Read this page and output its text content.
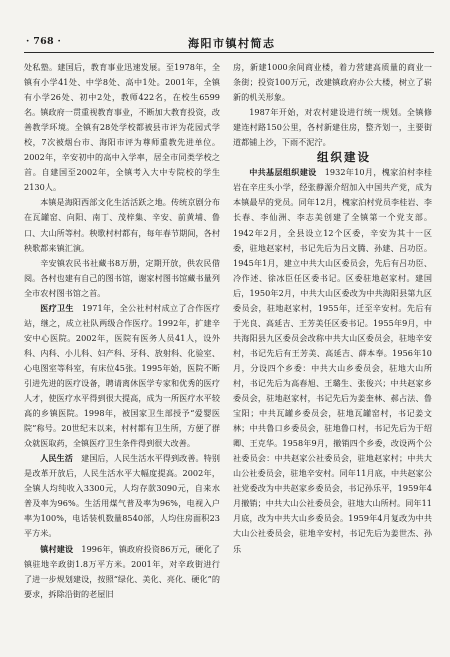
· 768 ·	海阳市镇村简志

处私塾。建国后，教育事业迅速发展。至1978年，全镇有小学41处、中学8处、高中1处。2001年，全镇有小学26处、初中2处，教师422名，在校生6599名。镇政府一贯重视教育事业，不断加大教育投资，改善教学环境。全镇有28处学校都被县市评为花园式学校，7次被烟台市、海阳市评为尊师重教先进单位。2002年，辛安初中的高中入学率，居全市同类学校之首。自建国至2002年，全镇考入大中专院校的学生2130人。

本镇是海阳西部文化生活活跃之地。传统京剧分布在瓦罐窑、向阳、南丁、茂梓集、辛安、前黄埔、鲁口、大山所等村。秧歌村村都有，每年春节期间，各村秧歌都来镇汇演。

辛安镇农民书社藏书8万册，定期开放，供农民借阅。各村也建有自己的图书馆，谢家村图书馆藏书量列全市农村图书馆之首。

医疗卫生  1971年，全公社村村成立了合作医疗站，继之，成立社队两级合作医疗。1992年，扩建辛安中心医院。2002年，医院有医务人员41人，设外科、内科、小儿科、妇产科、牙科、放射科、化验室、心电图室等科室，有床位45张。1995年始，医院不断引进先进的医疗设备，聘请离休医学专家和优秀的医疗人才，使医疗水平得到很大提高，成为一所医疗水平较高的乡镇医院。1998年，被国家卫生部授予“爱婴医院”称号。20世纪末以来，村村都有卫生所，方便了群众就医取药，全镇医疗卫生条件得到很大改善。

人民生活  建国后，人民生活水平得到改善。特别是改革开放后，人民生活水平大幅度提高。2002年，全镇人均纯收入3300元，人均存款3090元，自来水普及率为96%。生活用煤气普及率为96%，电视入户率为100%，电话装机数量8540部，人均住房面积23平方米。

镇村建设  1996年，镇政府投资86万元，硬化了镇驻地辛政街1.8万平方米。2001年，对辛政街进行了进一步规划建设，按照“绿化、美化、亮化、硬化”的要求，拆除沿街的老屋旧

房，新建1000余间商业楼，着力营建高质量的商业一条街；投资100万元，改建镇政府办公大楼，树立了崭新的机关形象。

1987年开始，对农村建设进行统一规划。全镇修建连村路150公里，各村新建住房，整齐划一，主要街道都铺上沙，下雨不泥泞。

组织建设

中共基层组织建设  1932年10月，槐家泊村李桂岩在辛庄头小学，经张静源介绍加入中国共产党，成为本镇最早的党员。同年12月，槐家泊村党员李桂岩、李长春、李仙洲、李志美创建了全镇第一个党支部。1942年2月，全县设立12个区委，辛安为其十一区委，驻地赵家村，书记先后为吕文腾、孙建、吕功臣。1945年1月，建立中共大山区委员会，先后有吕功臣、冷作述、徐冰臣任区委书记。区委驻地赵家村。建国后，1950年2月，中共大山区委改为中共海阳县第九区委员会，驻地赵家村，1955年，迁至辛安村。先后有于光良、高延吉、王芳美任区委书记。1955年9月，中共海阳县九区委员会改称中共大山区委员会，驻地辛安村，书记先后有王芳美、高延吉、薛本奉。1956年10月，分设四个乡委：中共大山乡委员会，驻地大山所村，书记先后为高春旭、王璐生、张俊兴；中共赵家乡委员会，驻地赵家村，书记先后为姜奎林、郝占法、鲁宝阳；中共瓦罐乡委员会，驻地瓦罐窑村，书记姜文林；中共鲁口乡委员会，驻地鲁口村，书记先后为于绍卿、王克华。1958年9月，撤销四个乡委，改设两个公社委员会：中共赵家公社委员会，驻地赵家村；中共大山公社委员会，驻地辛安村。同年11月底，中共赵家公社党委改为中共赵家乡委员会，书记孙乐平，1959年4月撤销；中共大山公社委员会，驻地大山所村。同年11月底，改为中共大山乡委员会。1959年4月复改为中共大山公社委员会，驻地辛安村，书记先后为姜世杰、孙乐
